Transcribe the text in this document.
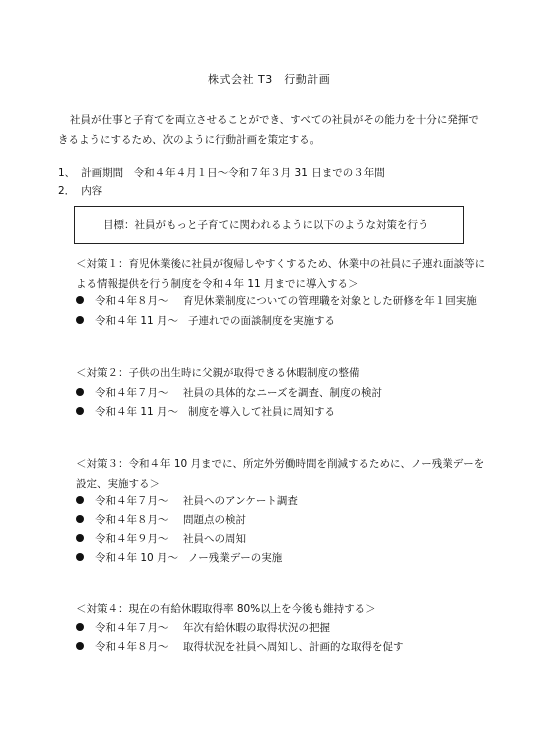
株式会社 T3　行動計画
社員が仕事と子育てを両立させることができ、すべての社員がその能力を十分に発揮できるようにするため、次のように行動計画を策定する。
1、 計画期間　令和４年４月１日～令和７年３月 31 日までの３年間
2． 内容
目標：社員がもっと子育てに関われるように以下のような対策を行う
＜対策１：育児休業後に社員が復帰しやすくするため、休業中の社員に子連れ面談等による情報提供を行う制度を令和４年 11 月までに導入する＞
令和４年８月～ 育児休業制度についての管理職を対象とした研修を年１回実施
令和４年 11 月～ 子連れでの面談制度を実施する
＜対策２：子供の出生時に父親が取得できる休暇制度の整備
令和４年７月～ 社員の具体的なニーズを調査、制度の検討
令和４年 11 月～ 制度を導入して社員に周知する
＜対策３：令和４年 10 月までに、所定外労働時間を削減するために、ノー残業デーを設定、実施する＞
令和４年７月～ 社員へのアンケート調査
令和４年８月～ 問題点の検討
令和４年９月～ 社員への周知
令和４年 10 月～ ノー残業デーの実施
＜対策４：現在の有給休暇取得率 80%以上を今後も維持する＞
令和４年７月～ 年次有給休暇の取得状況の把握
令和４年８月～ 取得状況を社員へ周知し、計画的な取得を促す
